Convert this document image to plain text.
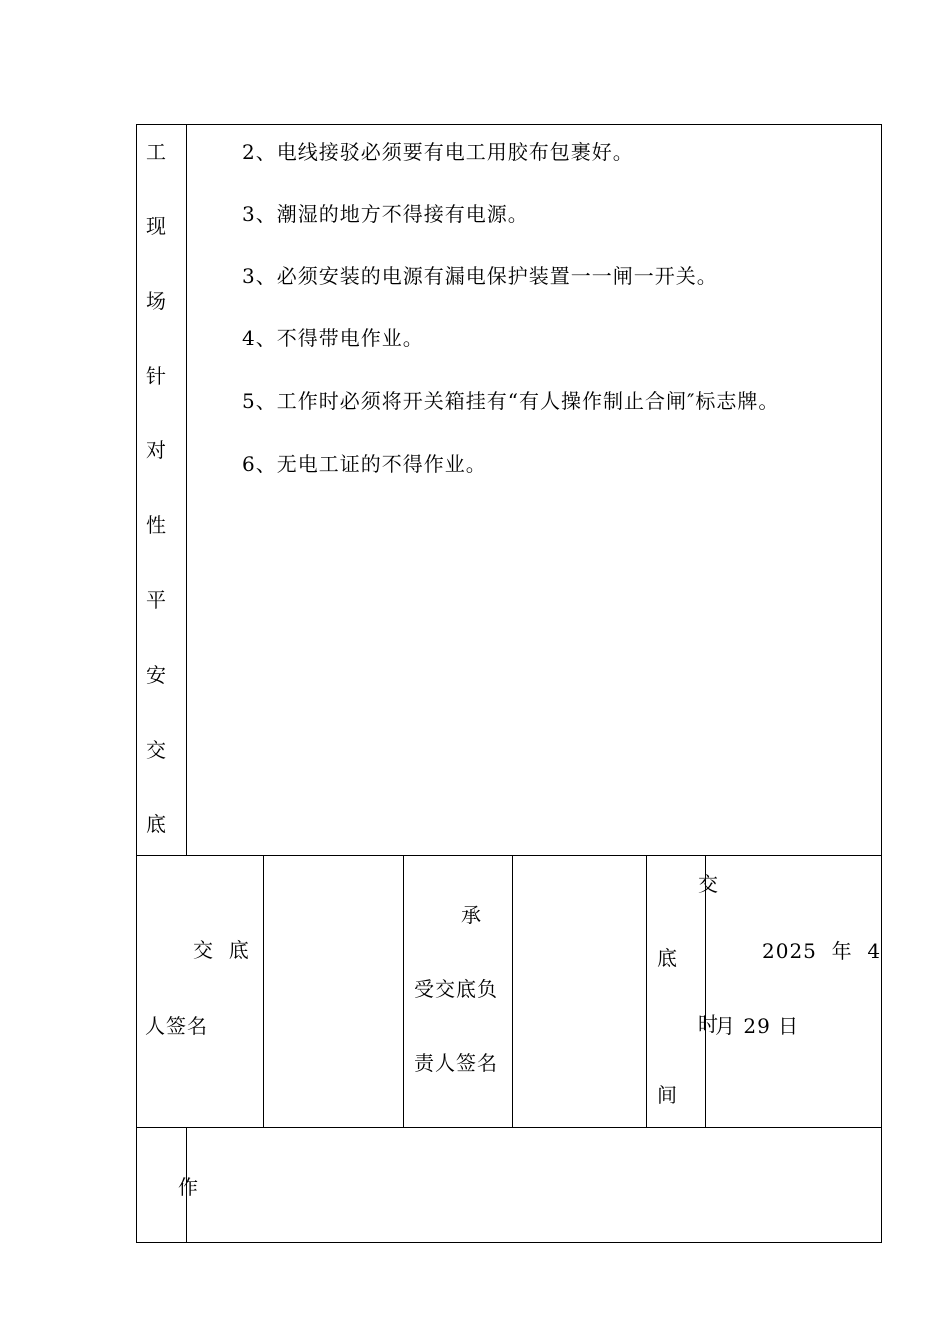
工
现
场
针
对
性
平
安
交
底
2、电线接驳必须要有电工用胶布包裹好。
3、潮湿的地方不得接有电源。
3、必须安装的电源有漏电保护装置一一闸一开关。
4、不得带电作业。
5、工作时必须将开关箱挂有“有人操作制止合闸″标志牌。
6、无电工证的不得作业。
交  底
人签名
承
受交底负
责人签名
交
底
时
间
2025  年  4
月 29 日
作
